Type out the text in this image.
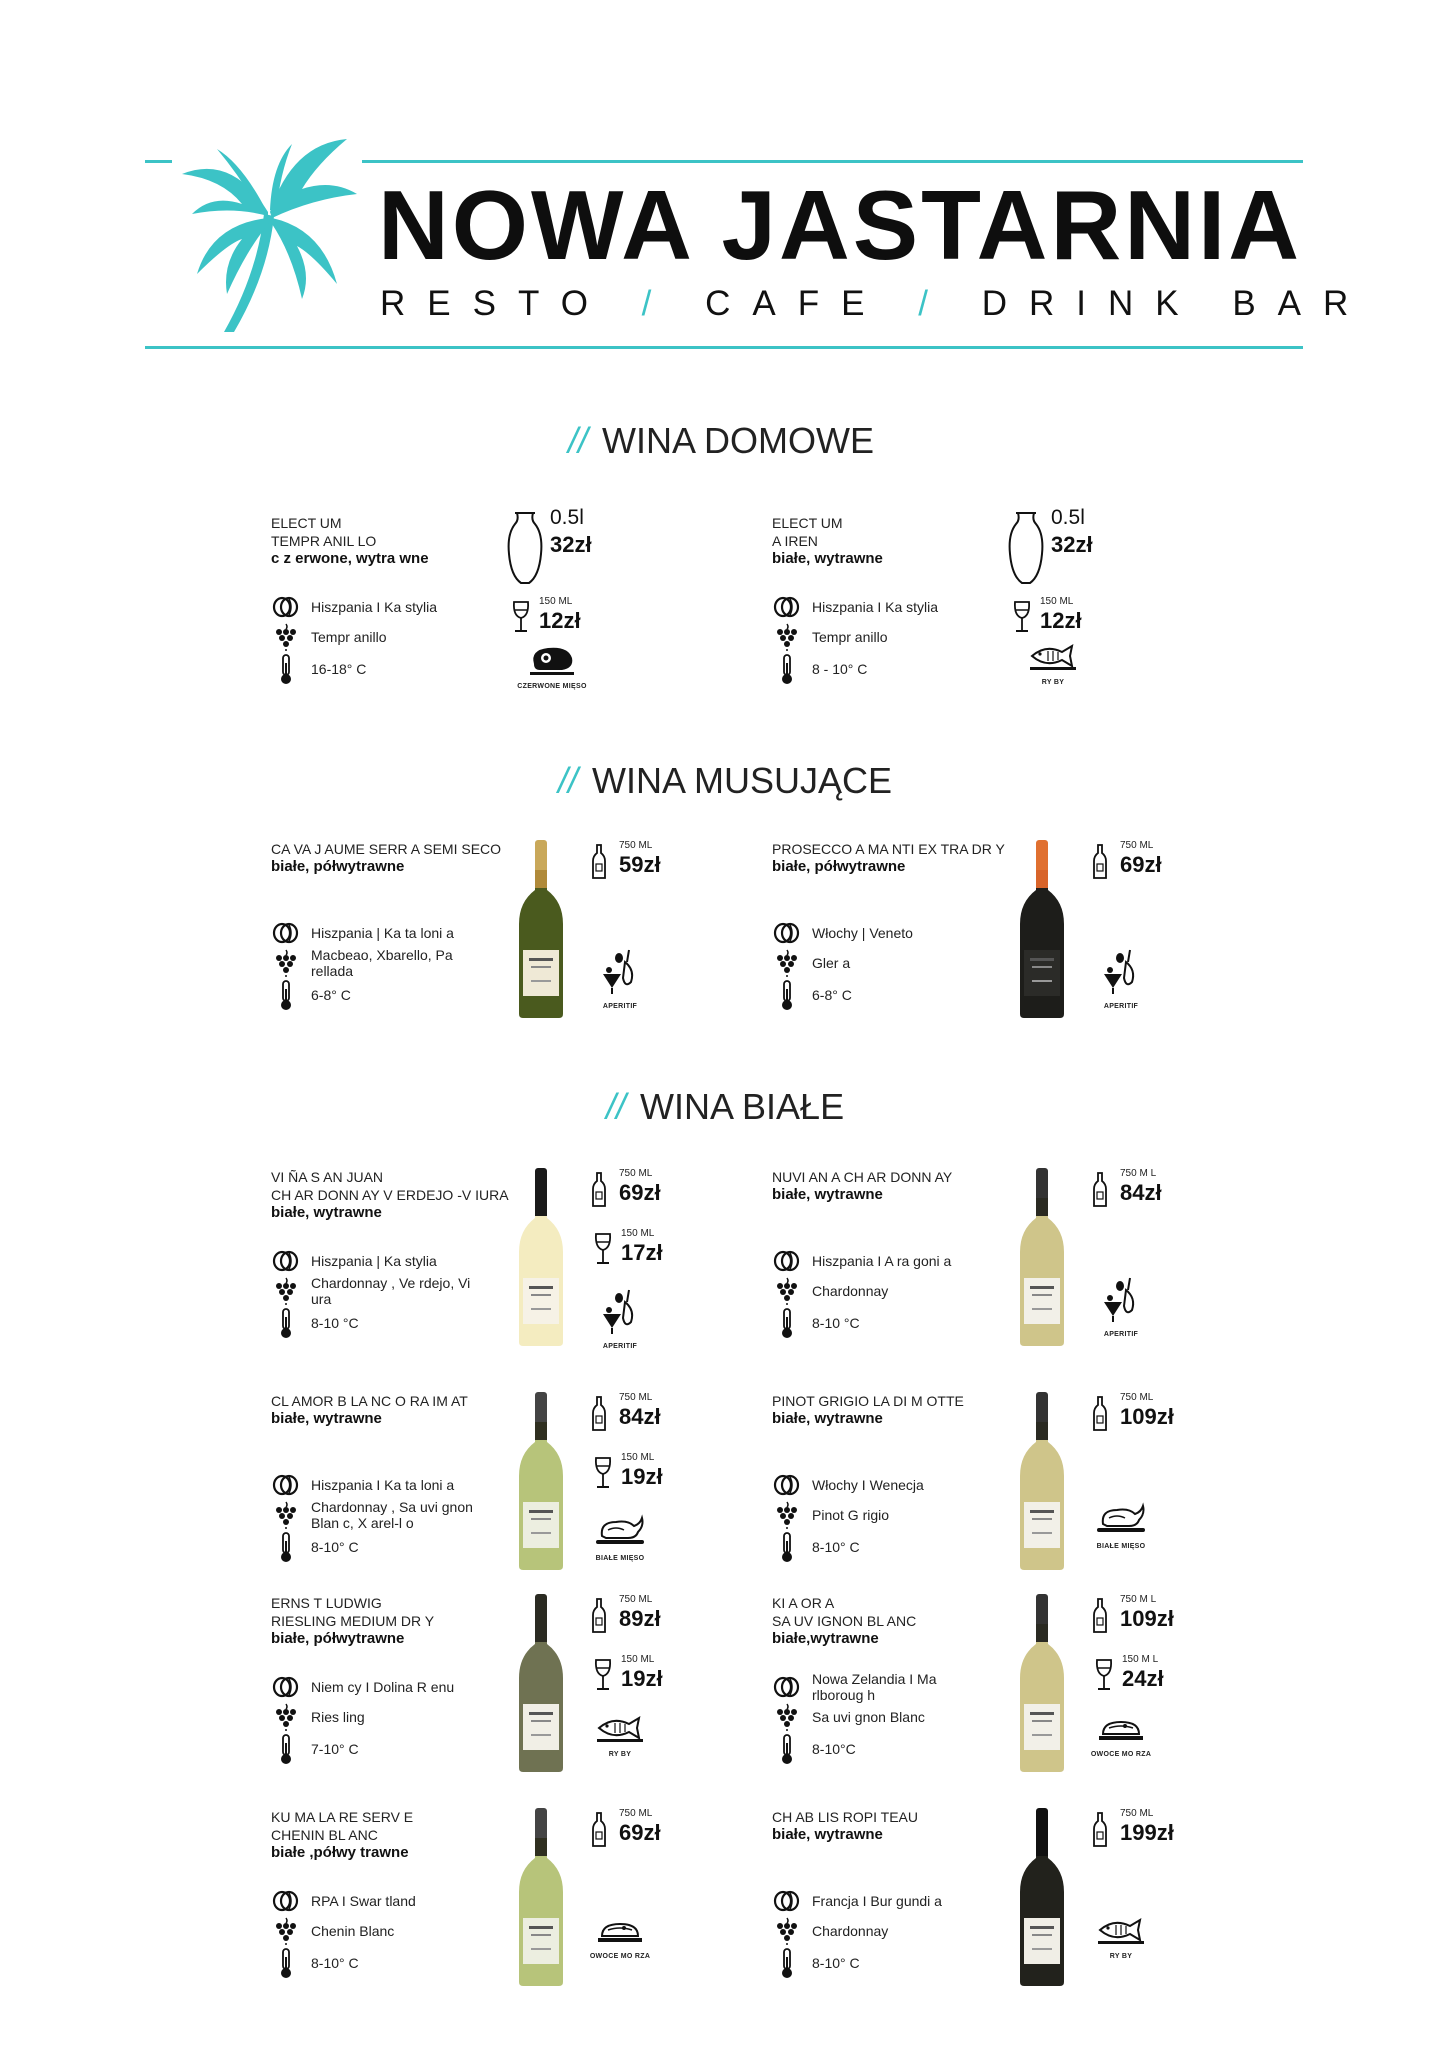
NOWA JASTARNIA
RESTO / CAFE / DRINK BAR
// WINA DOMOWE
// WINA MUSUJĄCE
// WINA BIAŁE
ELECT UM
TEMPR ANIL LO
c z erwone, wytra wne
Hiszpania I Ka stylia
Tempr anillo
16-18° C
0.5l
32zł
150 ML
12zł
CZERWONE MIĘSO
ELECT UM
A IREN
białe, wytrawne
Hiszpania I Ka stylia
Tempr anillo
8 - 10° C
0.5l
32zł
150 ML
12zł
RY BY
CA VA J AUME SERR A SEMI SECO
białe, półwytrawne
Hiszpania | Ka ta loni a
Macbeao, Xbarello, Pa rellada
6-8° C
750 ML
59zł
APERITIF
PROSECCO A MA NTI EX TRA DR Y
białe, półwytrawne
Włochy | Veneto
Gler a
6-8° C
750 ML
69zł
APERITIF
VI ÑA S AN JUAN
CH AR DONN AY V ERDEJO -V IURA
białe, wytrawne
Hiszpania | Ka stylia
Chardonnay , Ve rdejo, Vi ura
8-10 °C
750 ML
69zł
150 ML
17zł
APERITIF
NUVI AN A CH AR DONN AY
białe, wytrawne
Hiszpania I A ra goni a
Chardonnay
8-10 °C
750 M L
84zł
APERITIF
CL AMOR B LA NC O RA IM AT
białe, wytrawne
Hiszpania I Ka ta loni a
Chardonnay , Sa uvi gnon Blan c, X arel-l o
8-10° C
750 ML
84zł
150 ML
19zł
BIAŁE MIĘSO
PINOT GRIGIO LA DI M OTTE
białe, wytrawne
Włochy I Wenecja
Pinot G rigio
8-10° C
750 ML
109zł
BIAŁE MIĘSO
ERNS T LUDWIG
RIESLING MEDIUM DR Y
białe, półwytrawne
Niem cy I Dolina R enu
Ries ling
7-10° C
750 ML
89zł
150 ML
19zł
RY BY
KI A OR A
SA UV IGNON BL ANC
białe,wytrawne
Nowa Zelandia I Ma rlboroug h
Sa uvi gnon Blanc
8-10°C
750 M L
109zł
150 M L
24zł
OWOCE MO RZA
KU MA LA RE SERV E
CHENIN BL ANC
białe ,półwy trawne
RPA I Swar tland
Chenin Blanc
8-10° C
750 ML
69zł
OWOCE MO RZA
CH AB LIS ROPI TEAU
białe, wytrawne
Francja I Bur gundi a
Chardonnay
8-10° C
750 ML
199zł
RY BY
